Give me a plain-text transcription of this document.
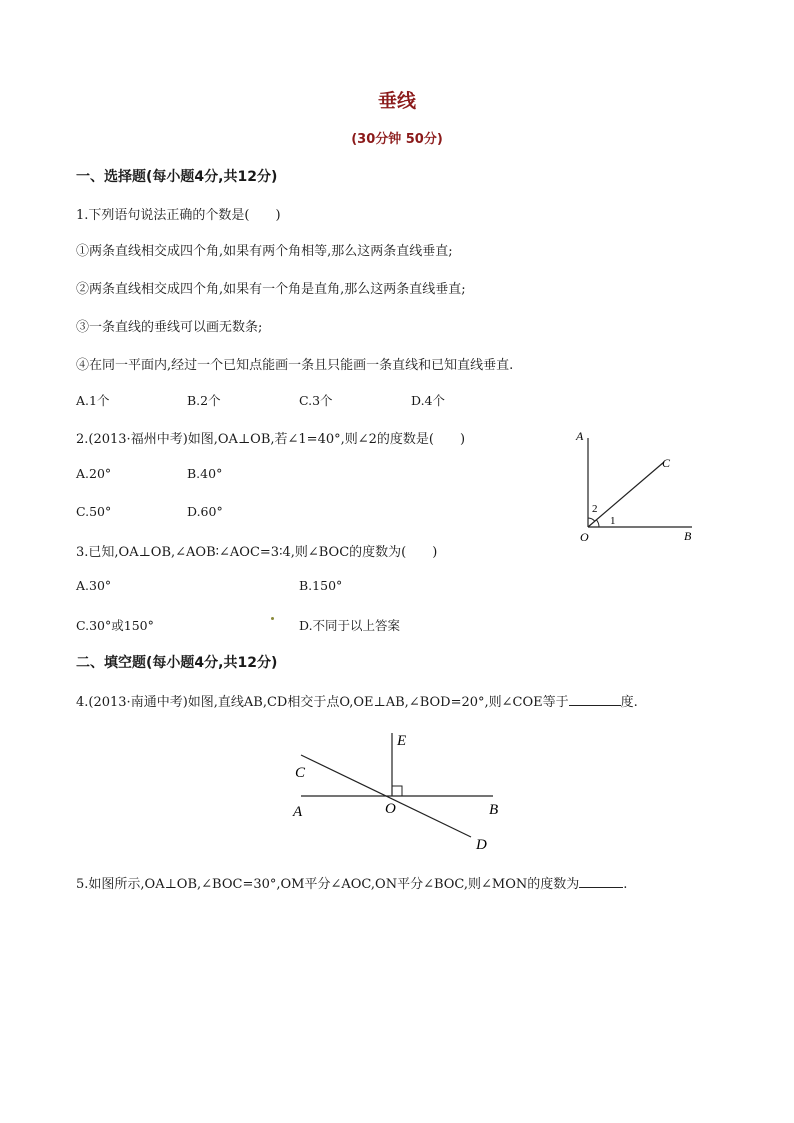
垂线
(30分钟 50分)
一、选择题(每小题4分,共12分)
1.下列语句说法正确的个数是(　　)
①两条直线相交成四个角,如果有两个角相等,那么这两条直线垂直;
②两条直线相交成四个角,如果有一个角是直角,那么这两条直线垂直;
③一条直线的垂线可以画无数条;
④在同一平面内,经过一个已知点能画一条且只能画一条直线和已知直线垂直.
A.1个	B.2个	C.3个	D.4个
2.(2013·福州中考)如图,OA⊥OB,若∠1=40°,则∠2的度数是(　　)
A.20°	B.40°
C.50°	D.60°
A
C
2
1
O	B
3.已知,OA⊥OB,∠AOB∶∠AOC=3∶4,则∠BOC的度数为(　　)
A.30°	B.150°
C.30°或150°	D.不同于以上答案
二、填空题(每小题4分,共12分)
4.(2013·南通中考)如图,直线AB,CD相交于点O,OE⊥AB,∠BOD=20°,则∠COE等于	度.
E
C
A	O	B
D
5.如图所示,OA⊥OB,∠BOC=30°,OM平分∠AOC,ON平分∠BOC,则∠MON的度数为	.
